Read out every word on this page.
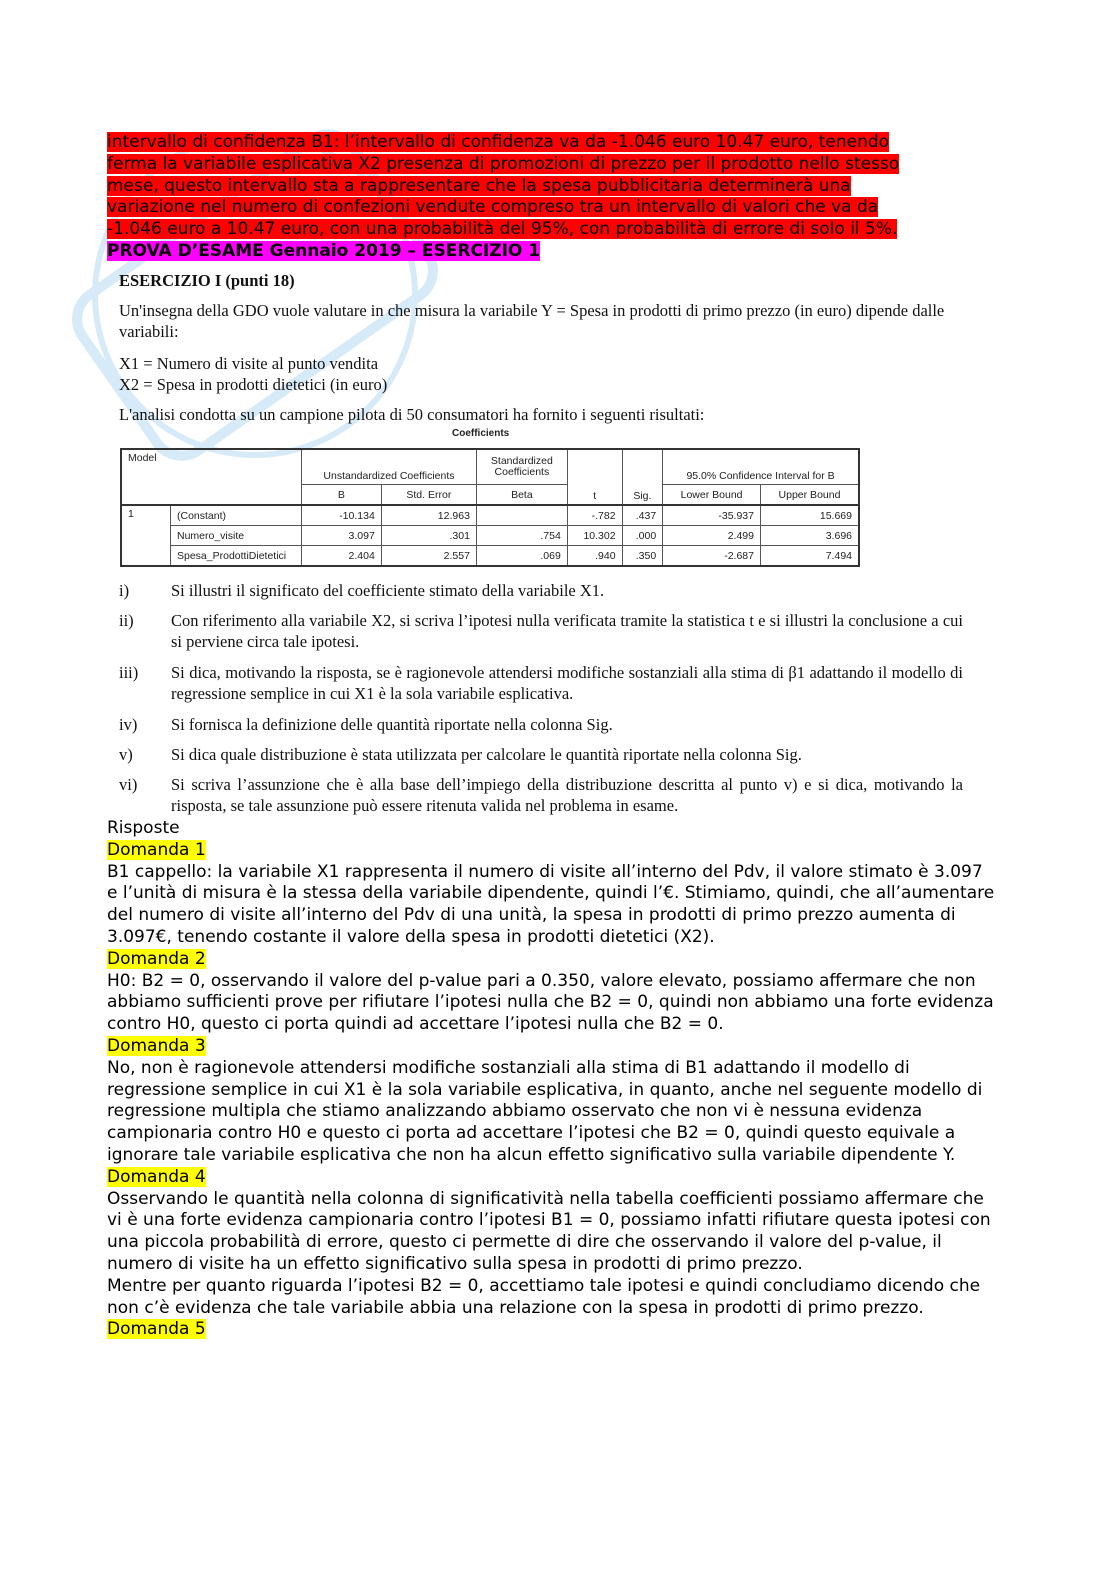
intervallo di confidenza B1: l’intervallo di confidenza va da -1.046 euro 10.47 euro, tenendo
ferma la variabile esplicativa X2 presenza di promozioni di prezzo per il prodotto nello stesso
mese, questo intervallo sta a rappresentare che la spesa pubblicitaria determinerà una
variazione nel numero di confezioni vendute compreso tra un intervallo di valori che va da
-1.046 euro a 10.47 euro, con una probabilità del 95%, con probabilità di errore di solo il 5%.
PROVA D’ESAME Gennaio 2019 – ESERCIZIO 1
ESERCIZIO I (punti 18)
Un'insegna della GDO vuole valutare in che misura la variabile Y = Spesa in prodotti di primo prezzo (in euro) dipende dalle variabili:
X1 = Numero di visite al punto vendita
X2 = Spesa in prodotti dietetici (in euro)
L'analisi condotta su un campione pilota di 50 consumatori ha fornito i seguenti risultati:
Coefficients
Model		Unstandardized Coefficients		Standardized
Coefficients	t	Sig.	95.0% Confidence Interval for B	
		B	Std. Error	Beta			Lower Bound	Upper Bound
1	(Constant)	-10.134	12.963		-.782	.437	-35.937	15.669
	Numero_visite	3.097	.301	.754	10.302	.000	2.499	3.696
	Spesa_ProdottiDietetici	2.404	2.557	.069	.940	.350	-2.687	7.494
i)	Si illustri il significato del coefficiente stimato della variabile X1.
ii)	Con riferimento alla variabile X2, si scriva l’ipotesi nulla verificata tramite la statistica t e si illustri la conclusione a cui si perviene circa tale ipotesi.
iii)	Si dica, motivando la risposta, se è ragionevole attendersi modifiche sostanziali alla stima di β1 adattando il modello di regressione semplice in cui X1 è la sola variabile esplicativa.
iv)	Si fornisca la definizione delle quantità riportate nella colonna Sig.
v)	Si dica quale distribuzione è stata utilizzata per calcolare le quantità riportate nella colonna Sig.
vi)	Si scriva l’assunzione che è alla base dell’impiego della distribuzione descritta al punto v) e si dica, motivando la risposta, se tale assunzione può essere ritenuta valida nel problema in esame.

Risposte

Domanda 1

B1 cappello: la variabile X1 rappresenta il numero di visite all’interno del Pdv, il valore stimato è 3.097 e l’unità di misura è la stessa della variabile dipendente, quindi l’€. Stimiamo, quindi, che all’aumentare del numero di visite all’interno del Pdv di una unità, la spesa in prodotti di primo prezzo aumenta di 3.097€, tenendo costante il valore della spesa in prodotti dietetici (X2).

Domanda 2

H0: B2 = 0, osservando il valore del p-value pari a 0.350, valore elevato, possiamo affermare che non abbiamo sufficienti prove per rifiutare l’ipotesi nulla che B2 = 0, quindi non abbiamo una forte evidenza contro H0, questo ci porta quindi ad accettare l’ipotesi nulla che B2 = 0.

Domanda 3

No, non è ragionevole attendersi modifiche sostanziali alla stima di B1 adattando il modello di regressione semplice in cui X1 è la sola variabile esplicativa, in quanto, anche nel seguente modello di regressione multipla che stiamo analizzando abbiamo osservato che non vi è nessuna evidenza campionaria contro H0 e questo ci porta ad accettare l’ipotesi che B2 = 0, quindi questo equivale a ignorare tale variabile esplicativa che non ha alcun effetto significativo sulla variabile dipendente Y.

Domanda 4

Osservando le quantità nella colonna di significatività nella tabella coefficienti possiamo affermare che vi è una forte evidenza campionaria contro l’ipotesi B1 = 0, possiamo infatti rifiutare questa ipotesi con una piccola probabilità di errore, questo ci permette di dire che osservando il valore del p-value, il numero di visite ha un effetto significativo sulla spesa in prodotti di primo prezzo.

Mentre per quanto riguarda l’ipotesi B2 = 0, accettiamo tale ipotesi e quindi concludiamo dicendo che non c’è evidenza che tale variabile abbia una relazione con la spesa in prodotti di primo prezzo.

Domanda 5
